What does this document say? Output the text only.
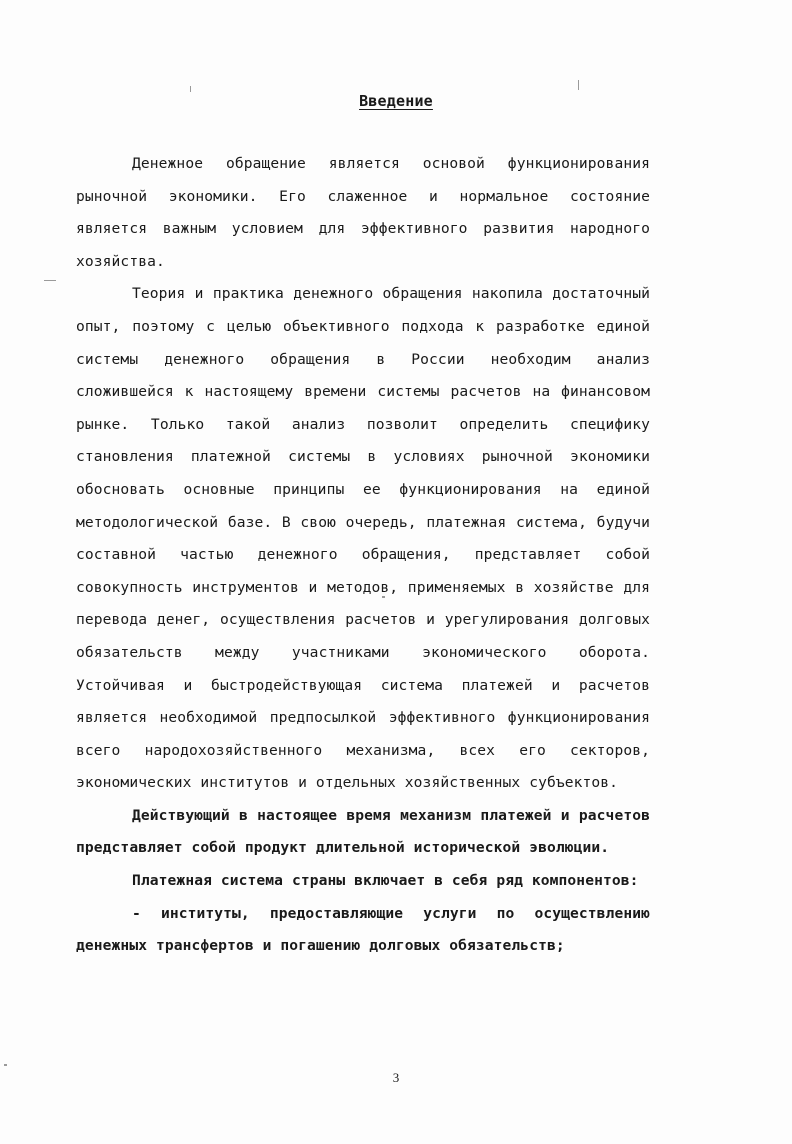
Введение

Денежное обращение является основой функционирования рыночной экономики. Его слаженное и нормальное состояние является важным условием для эффективного развития народного хозяйства.

Теория и практика денежного обращения накопила достаточный опыт, поэтому с целью объективного подхода к разработке единой системы денежного обращения в России необходим анализ сложившейся к настоящему времени системы расчетов на финансовом рынке. Только такой анализ позволит определить специфику становления платежной системы в условиях рыночной экономики обосновать основные принципы ее функционирования на единой методологической базе. В свою очередь, платежная система, будучи составной частью денежного обращения, представляет собой совокупность инструментов и методов, применяемых в хозяйстве для перевода денег, осуществления расчетов и урегулирования долговых обязательств между участниками экономического оборота. Устойчивая и быстродействующая система платежей и расчетов является необходимой предпосылкой эффективного функционирования всего народохозяйственного механизма, всех его секторов, экономических институтов и отдельных хозяйственных субъектов.

Действующий в настоящее время механизм платежей и расчетов представляет собой продукт длительной исторической эволюции.

Платежная система страны включает в себя ряд компонентов:

- институты, предоставляющие услуги по осуществлению денежных трансфертов и погашению долговых обязательств;

3
